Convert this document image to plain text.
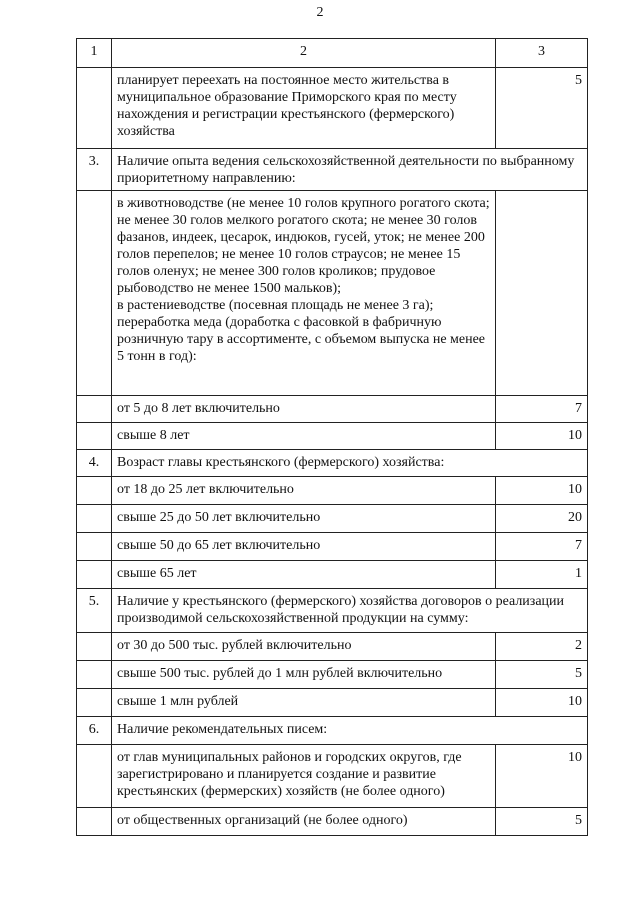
2
1	2	3
	планирует переехать на постоянное место жительства в муниципальное образование Приморского края по месту нахождения и регистрации крестьянского (фермерского) хозяйства	5
3.	Наличие опыта ведения сельскохозяйственной деятельности по выбранному приоритетному направлению:	
	в животноводстве (не менее 10 голов крупного рогатого скота; не менее 30 голов мелкого рогатого скота; не менее 30 голов фазанов, индеек, цесарок, индюков, гусей, уток; не менее 200 голов перепелов; не менее 10 голов страусов; не менее 15 голов оленух; не менее 300 голов кроликов; прудовое рыбоводство не менее 1500 мальков);
в растениеводстве (посевная площадь не менее 3 га);
переработка меда (доработка с фасовкой в фабричную розничную тару в ассортименте, с объемом выпуска не менее 5 тонн в год):	
	от 5 до 8 лет включительно	7
	свыше 8 лет	10
4.	Возраст главы крестьянского (фермерского) хозяйства:	
	от 18 до 25 лет включительно	10
	свыше 25 до 50 лет включительно	20
	свыше 50 до 65 лет включительно	7
	свыше 65 лет	1
5.	Наличие у крестьянского (фермерского) хозяйства договоров о реализации производимой сельскохозяйственной продукции на сумму:	
	от 30 до 500 тыс. рублей включительно	2
	свыше 500 тыс. рублей до 1 млн рублей включительно	5
	свыше 1 млн рублей	10
6.	Наличие рекомендательных писем:	
	от глав муниципальных районов и городских округов, где зарегистрировано и планируется создание и развитие крестьянских (фермерских) хозяйств (не более одного)	10
	от общественных организаций (не более одного)	5
